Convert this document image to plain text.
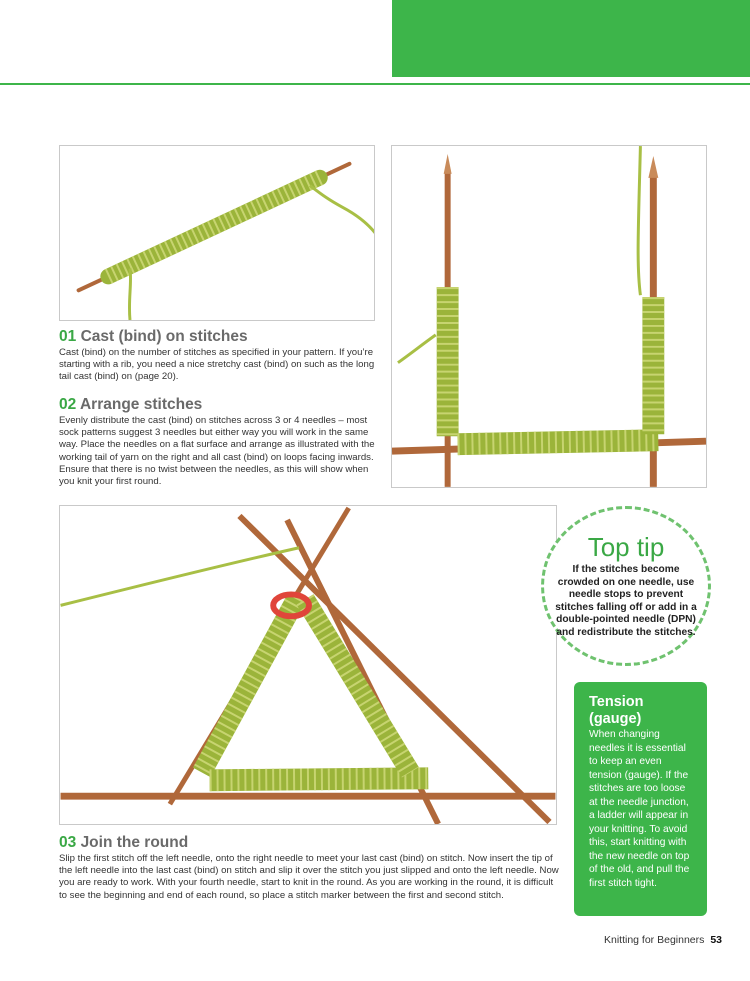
01 Cast (bind) on stitches

Cast (bind) on the number of stitches as specified in your pattern. If you’re starting with a rib, you need a nice stretchy cast (bind) on such as the long tail cast (bind) on (page 20).

02 Arrange stitches

Evenly distribute the cast (bind) on stitches across 3 or 4 needles – most sock patterns suggest 3 needles but either way you will work in the same way. Place the needles on a flat surface and arrange as illustrated with the working tail of yarn on the right and all cast (bind) on loops facing inwards. Ensure that there is no twist between the needles, as this will show when you knit your first round.

03 Join the round

Slip the first stitch off the left needle, onto the right needle to meet your last cast (bind) on stitch. Now insert the tip of the left needle into the last cast (bind) on stitch and slip it over the stitch you just slipped and onto the left needle. Now you are ready to work. With your fourth needle, start to knit in the round. As you are working in the round, it is difficult to see the beginning and end of each round, so place a stitch marker between the first and second stitch.

Top tip
If the stitches become crowded on one needle, use needle stops to prevent stitches falling off or add in a double-pointed needle (DPN) and redistribute the stitches.
Tension (gauge)

When changing needles it is essential to keep an even tension (gauge). If the stitches are too loose at the needle junction, a ladder will appear in your knitting. To avoid this, start knitting with the new needle on top of the old, and pull the first stitch tight.

Knitting for Beginners 53
